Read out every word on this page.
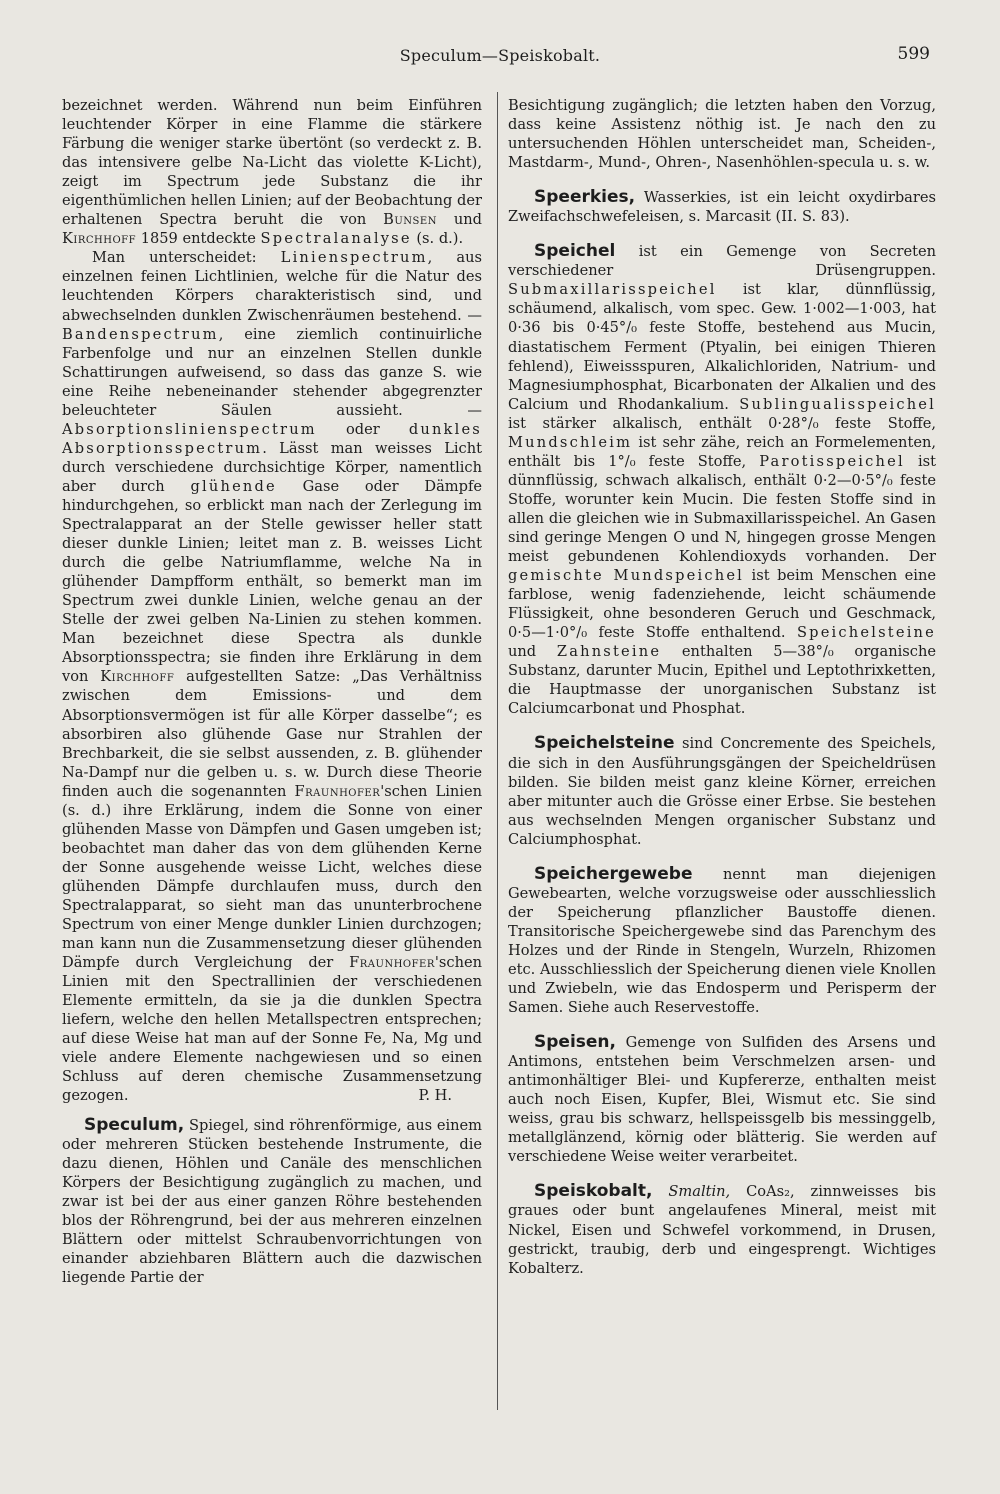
Speculum—Speiskobalt.	599

bezeichnet werden. Während nun beim Einführen leuchtender Körper in eine Flamme die stärkere Färbung die weniger starke übertönt (so verdeckt z. B. das intensivere gelbe Na-Licht das violette K-Licht), zeigt im Spectrum jede Substanz die ihr eigenthümlichen hellen Linien; auf der Beobachtung der erhaltenen Spectra beruht die von Bunsen und Kirchhoff 1859 entdeckte Spectralanalyse (s. d.).

Man unterscheidet: Linienspectrum, aus einzelnen feinen Lichtlinien, welche für die Natur des leuchtenden Körpers charakteristisch sind, und abwechselnden dunklen Zwischenräumen bestehend. — Bandenspectrum, eine ziemlich continuirliche Farbenfolge und nur an einzelnen Stellen dunkle Schattirungen aufweisend, so dass das ganze S. wie eine Reihe nebeneinander stehender abgegrenzter beleuchteter Säulen aussieht. — Absorptionslinienspectrum oder dunkles Absorptionsspectrum. Lässt man weisses Licht durch verschiedene durchsichtige Körper, namentlich aber durch glühende Gase oder Dämpfe hindurchgehen, so erblickt man nach der Zerlegung im Spectralapparat an der Stelle gewisser heller statt dieser dunkle Linien; leitet man z. B. weisses Licht durch die gelbe Natriumflamme, welche Na in glühender Dampfform enthält, so bemerkt man im Spectrum zwei dunkle Linien, welche genau an der Stelle der zwei gelben Na-Linien zu stehen kommen. Man bezeichnet diese Spectra als dunkle Absorptionsspectra; sie finden ihre Erklärung in dem von Kirchhoff aufgestellten Satze: „Das Verhältniss zwischen dem Emissions- und dem Absorptionsvermögen ist für alle Körper dasselbe“; es absorbiren also glühende Gase nur Strahlen der Brechbarkeit, die sie selbst aussenden, z. B. glühender Na-Dampf nur die gelben u. s. w. Durch diese Theorie finden auch die sogenannten Fraunhofer'schen Linien (s. d.) ihre Erklärung, indem die Sonne von einer glühenden Masse von Dämpfen und Gasen umgeben ist; beobachtet man daher das von dem glühenden Kerne der Sonne ausgehende weisse Licht, welches diese glühenden Dämpfe durchlaufen muss, durch den Spectralapparat, so sieht man das ununterbrochene Spectrum von einer Menge dunkler Linien durchzogen; man kann nun die Zusammensetzung dieser glühenden Dämpfe durch Vergleichung der Fraunhofer'schen Linien mit den Spectrallinien der verschiedenen Elemente ermitteln, da sie ja die dunklen Spectra liefern, welche den hellen Metallspectren entsprechen; auf diese Weise hat man auf der Sonne Fe, Na, Mg und viele andere Elemente nachgewiesen und so einen Schluss auf deren chemische Zusammensetzung gezogen.	P. H.

Speculum, Spiegel, sind röhrenförmige, aus einem oder mehreren Stücken bestehende Instrumente, die dazu dienen, Höhlen und Canäle des menschlichen Körpers der Besichtigung zugänglich zu machen, und zwar ist bei der aus einer ganzen Röhre bestehenden blos der Röhrengrund, bei der aus mehreren einzelnen Blättern oder mittelst Schraubenvorrichtungen von einander abziehbaren Blättern auch die dazwischen liegende Partie der

Besichtigung zugänglich; die letzten haben den Vorzug, dass keine Assistenz nöthig ist. Je nach den zu untersuchenden Höhlen unterscheidet man, Scheiden-, Mastdarm-, Mund-, Ohren-, Nasenhöhlen-specula u. s. w.

Speerkies, Wasserkies, ist ein leicht oxydirbares Zweifachschwefeleisen, s. Marcasit (II. S. 83).

Speichel ist ein Gemenge von Secreten verschiedener Drüsengruppen. Submaxillarisspeichel ist klar, dünnflüssig, schäumend, alkalisch, vom spec. Gew. 1·002—1·003, hat 0·36 bis 0·45°/₀ feste Stoffe, bestehend aus Mucin, diastatischem Ferment (Ptyalin, bei einigen Thieren fehlend), Eiweissspuren, Alkalichloriden, Natrium- und Magnesiumphosphat, Bicarbonaten der Alkalien und des Calcium und Rhodankalium. Sublingualisspeichel ist stärker alkalisch, enthält 0·28°/₀ feste Stoffe, Mundschleim ist sehr zähe, reich an Formelementen, enthält bis 1°/₀ feste Stoffe, Parotisspeichel ist dünnflüssig, schwach alkalisch, enthält 0·2—0·5°/₀ feste Stoffe, worunter kein Mucin. Die festen Stoffe sind in allen die gleichen wie in Submaxillarisspeichel. An Gasen sind geringe Mengen O und N, hingegen grosse Mengen meist gebundenen Kohlendioxyds vorhanden. Der gemischte Mundspeichel ist beim Menschen eine farblose, wenig fadenziehende, leicht schäumende Flüssigkeit, ohne besonderen Geruch und Geschmack, 0·5—1·0°/₀ feste Stoffe enthaltend. Speichelsteine und Zahnsteine enthalten 5—38°/₀ organische Substanz, darunter Mucin, Epithel und Leptothrixketten, die Hauptmasse der unorganischen Substanz ist Calciumcarbonat und Phosphat.

Speichelsteine sind Concremente des Speichels, die sich in den Ausführungsgängen der Speicheldrüsen bilden. Sie bilden meist ganz kleine Körner, erreichen aber mitunter auch die Grösse einer Erbse. Sie bestehen aus wechselnden Mengen organischer Substanz und Calciumphosphat.

Speichergewebe nennt man diejenigen Gewebearten, welche vorzugsweise oder ausschliesslich der Speicherung pflanzlicher Baustoffe dienen. Transitorische Speichergewebe sind das Parenchym des Holzes und der Rinde in Stengeln, Wurzeln, Rhizomen etc. Ausschliesslich der Speicherung dienen viele Knollen und Zwiebeln, wie das Endosperm und Perisperm der Samen. Siehe auch Reservestoffe.

Speisen, Gemenge von Sulfiden des Arsens und Antimons, entstehen beim Verschmelzen arsen- und antimonhältiger Blei- und Kupfererze, enthalten meist auch noch Eisen, Kupfer, Blei, Wismut etc. Sie sind weiss, grau bis schwarz, hellspeissgelb bis messinggelb, metallglänzend, körnig oder blätterig. Sie werden auf verschiedene Weise weiter verarbeitet.

Speiskobalt, Smaltin, CoAs₂, zinnweisses bis graues oder bunt angelaufenes Mineral, meist mit Nickel, Eisen und Schwefel vorkommend, in Drusen, gestrickt, traubig, derb und eingesprengt. Wichtiges Kobalterz.
